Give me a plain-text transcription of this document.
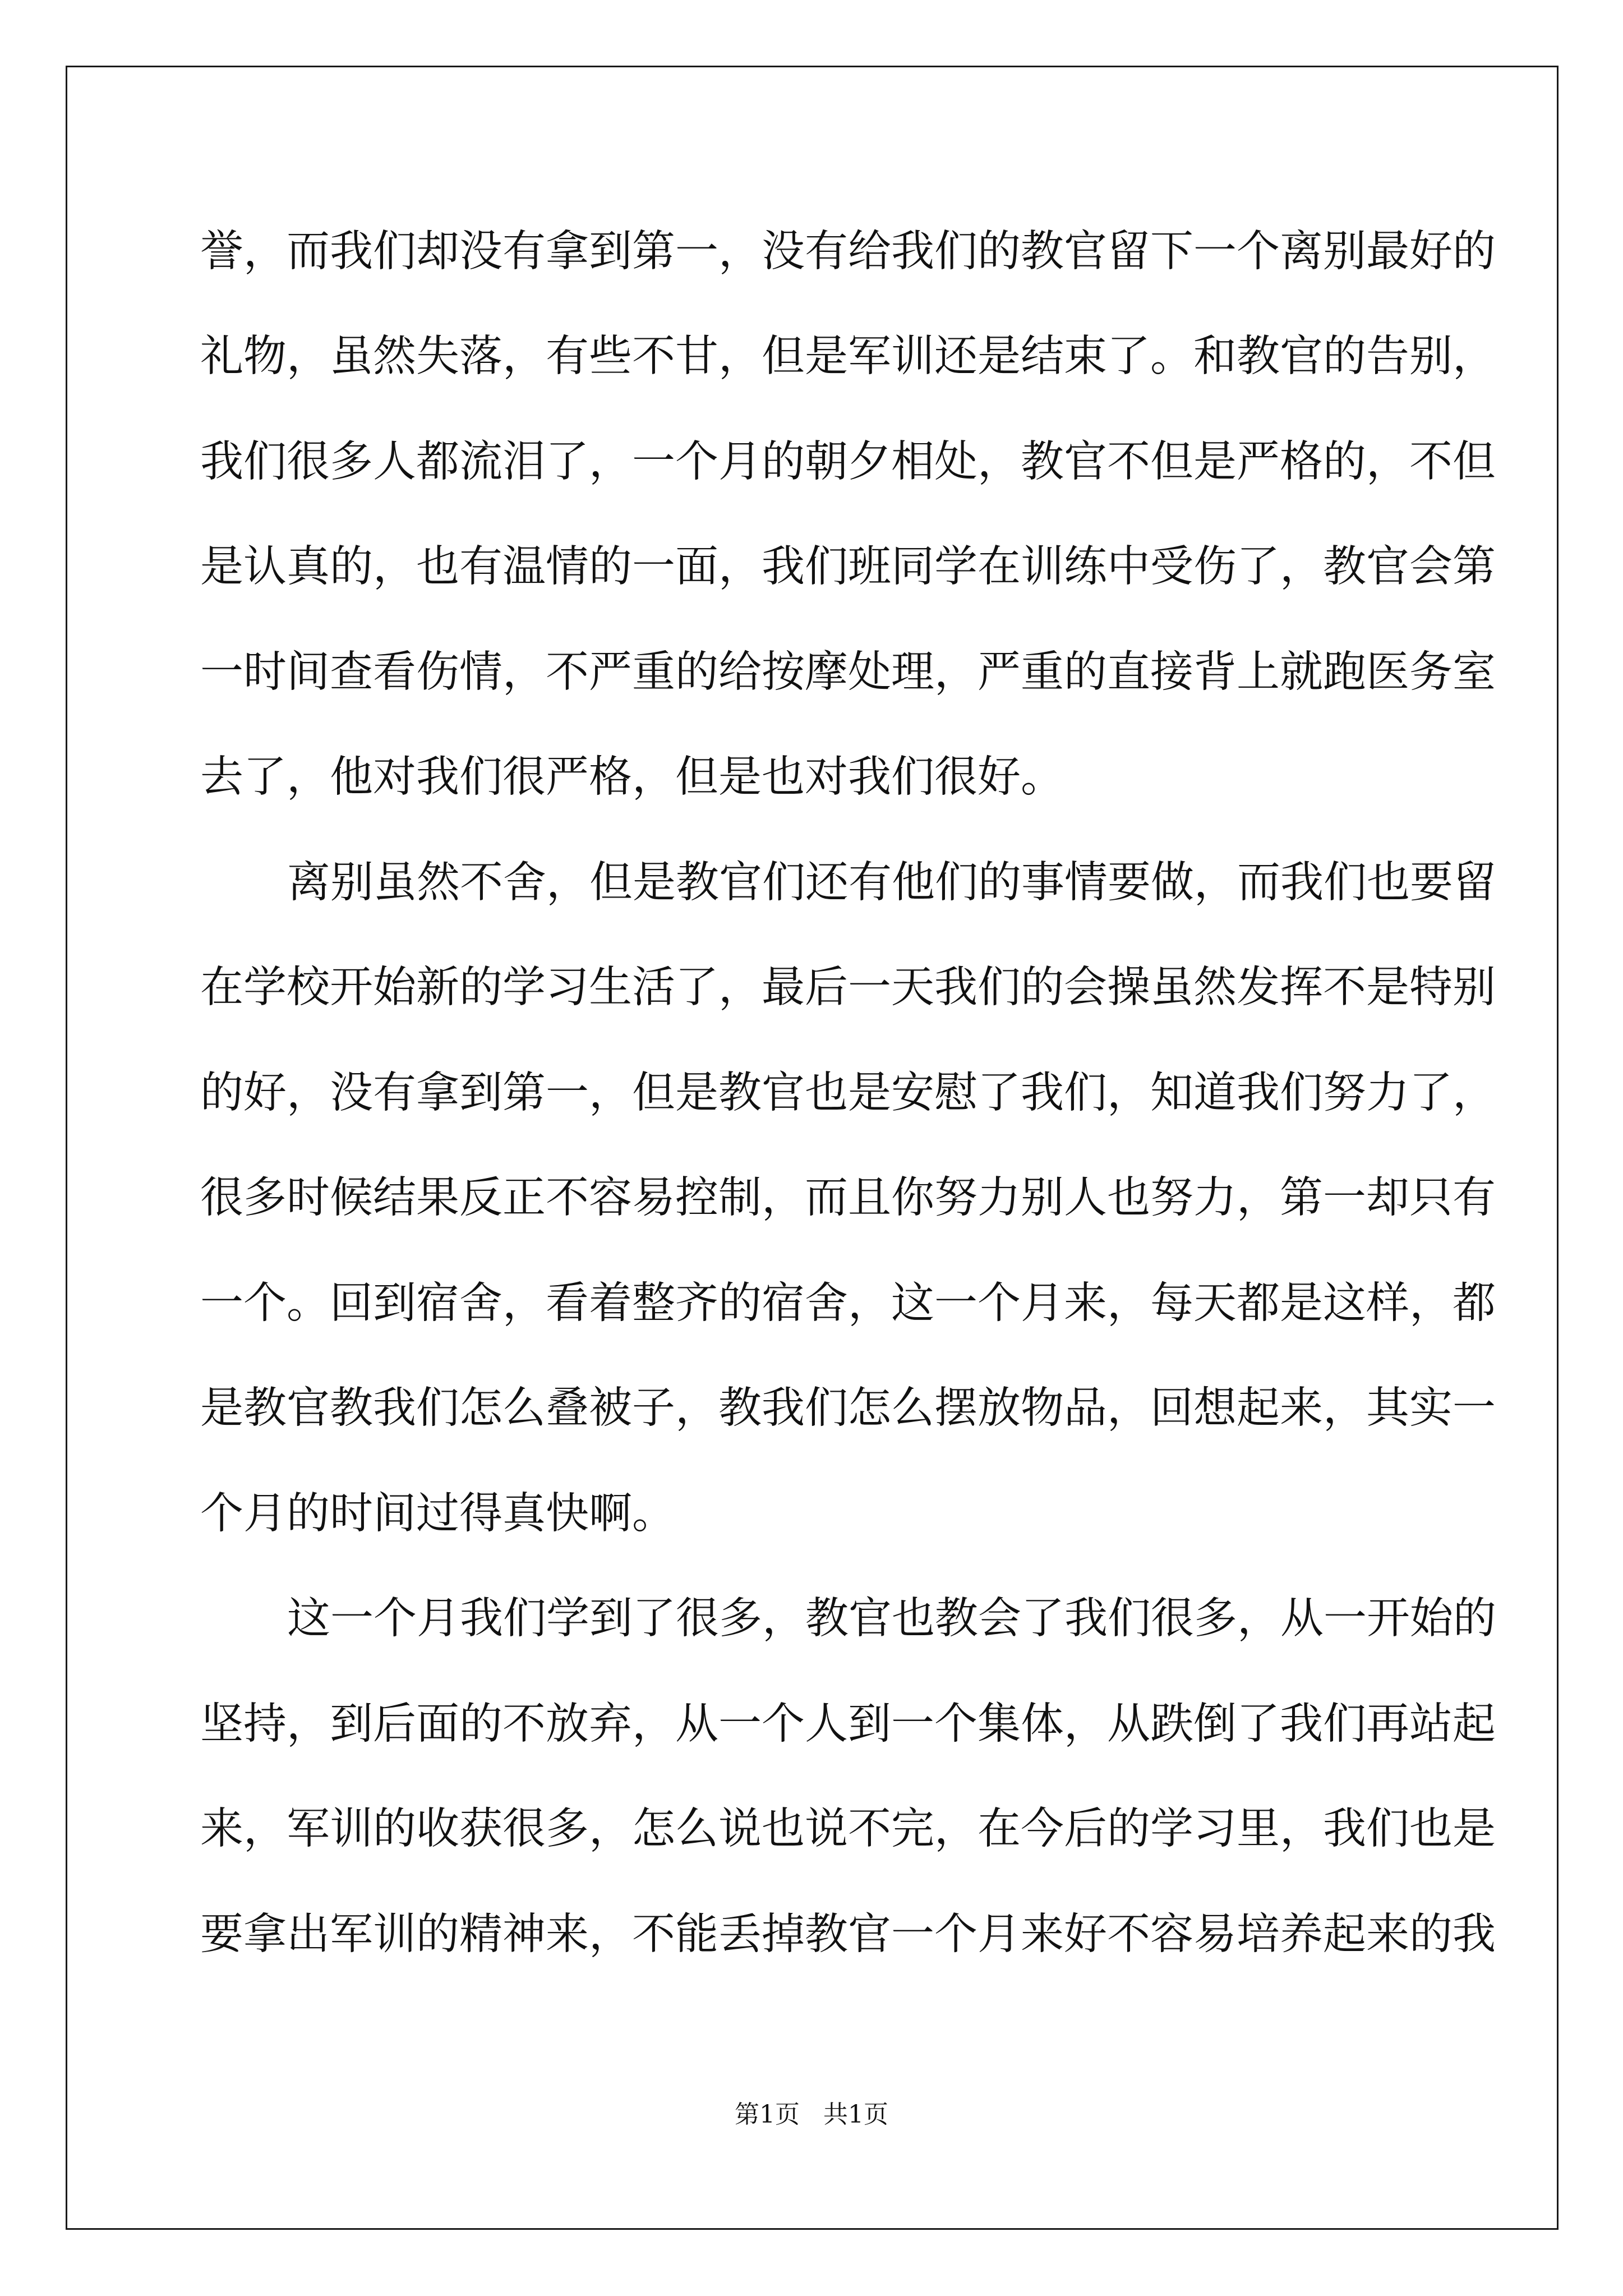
誉，而我们却没有拿到第一，没有给我们的教官留下一个离别最好的
礼物，虽然失落，有些不甘，但是军训还是结束了。和教官的告别，
我们很多人都流泪了，一个月的朝夕相处，教官不但是严格的，不但
是认真的，也有温情的一面，我们班同学在训练中受伤了，教官会第
一时间查看伤情，不严重的给按摩处理，严重的直接背上就跑医务室
去了，他对我们很严格，但是也对我们很好。
离别虽然不舍，但是教官们还有他们的事情要做，而我们也要留
在学校开始新的学习生活了，最后一天我们的会操虽然发挥不是特别
的好，没有拿到第一，但是教官也是安慰了我们，知道我们努力了，
很多时候结果反正不容易控制，而且你努力别人也努力，第一却只有
一个。回到宿舍，看着整齐的宿舍，这一个月来，每天都是这样，都
是教官教我们怎么叠被子，教我们怎么摆放物品，回想起来，其实一
个月的时间过得真快啊。
这一个月我们学到了很多，教官也教会了我们很多，从一开始的
坚持，到后面的不放弃，从一个人到一个集体，从跌倒了我们再站起
来，军训的收获很多，怎么说也说不完，在今后的学习里，我们也是
要拿出军训的精神来，不能丢掉教官一个月来好不容易培养起来的我
第1页   共1页
